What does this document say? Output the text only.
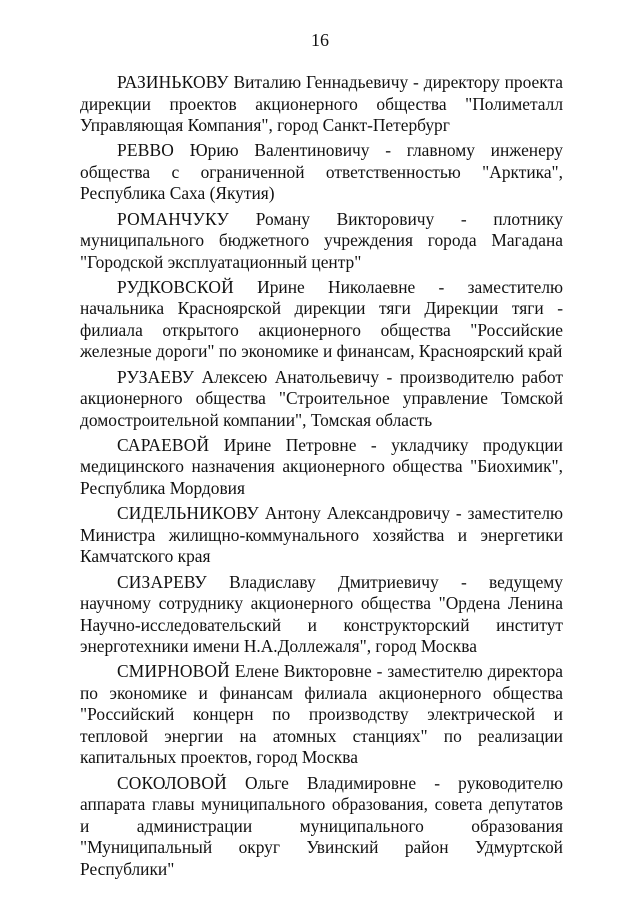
16

РАЗИНЬКОВУ Виталию Геннадьевичу - директору проекта дирекции проектов акционерного общества "Полиметалл Управляющая Компания", город Санкт-Петербург

РЕВВО Юрию Валентиновичу - главному инженеру общества с ограниченной ответственностью "Арктика", Республика Саха (Якутия)

РОМАНЧУКУ Роману Викторовичу - плотнику муниципального бюджетного учреждения города Магадана "Городской эксплуатационный центр"

РУДКОВСКОЙ Ирине Николаевне - заместителю начальника Красноярской дирекции тяги Дирекции тяги - филиала открытого акционерного общества "Российские железные дороги" по экономике и финансам, Красноярский край

РУЗАЕВУ Алексею Анатольевичу - производителю работ акционерного общества "Строительное управление Томской домостроительной компании", Томская область

САРАЕВОЙ Ирине Петровне - укладчику продукции медицинского назначения акционерного общества "Биохимик", Республика Мордовия

СИДЕЛЬНИКОВУ Антону Александровичу - заместителю Министра жилищно-коммунального хозяйства и энергетики Камчатского края

СИЗАРЕВУ Владиславу Дмитриевичу - ведущему научному сотруднику акционерного общества "Ордена Ленина Научно-исследовательский и конструкторский институт энерготехники имени Н.А.Доллежаля", город Москва

СМИРНОВОЙ Елене Викторовне - заместителю директора по экономике и финансам филиала акционерного общества "Российский концерн по производству электрической и тепловой энергии на атомных станциях" по реализации капитальных проектов, город Москва

СОКОЛОВОЙ Ольге Владимировне - руководителю аппарата главы муниципального образования, совета депутатов и администрации муниципального образования "Муниципальный округ Увинский район Удмуртской Республики"
